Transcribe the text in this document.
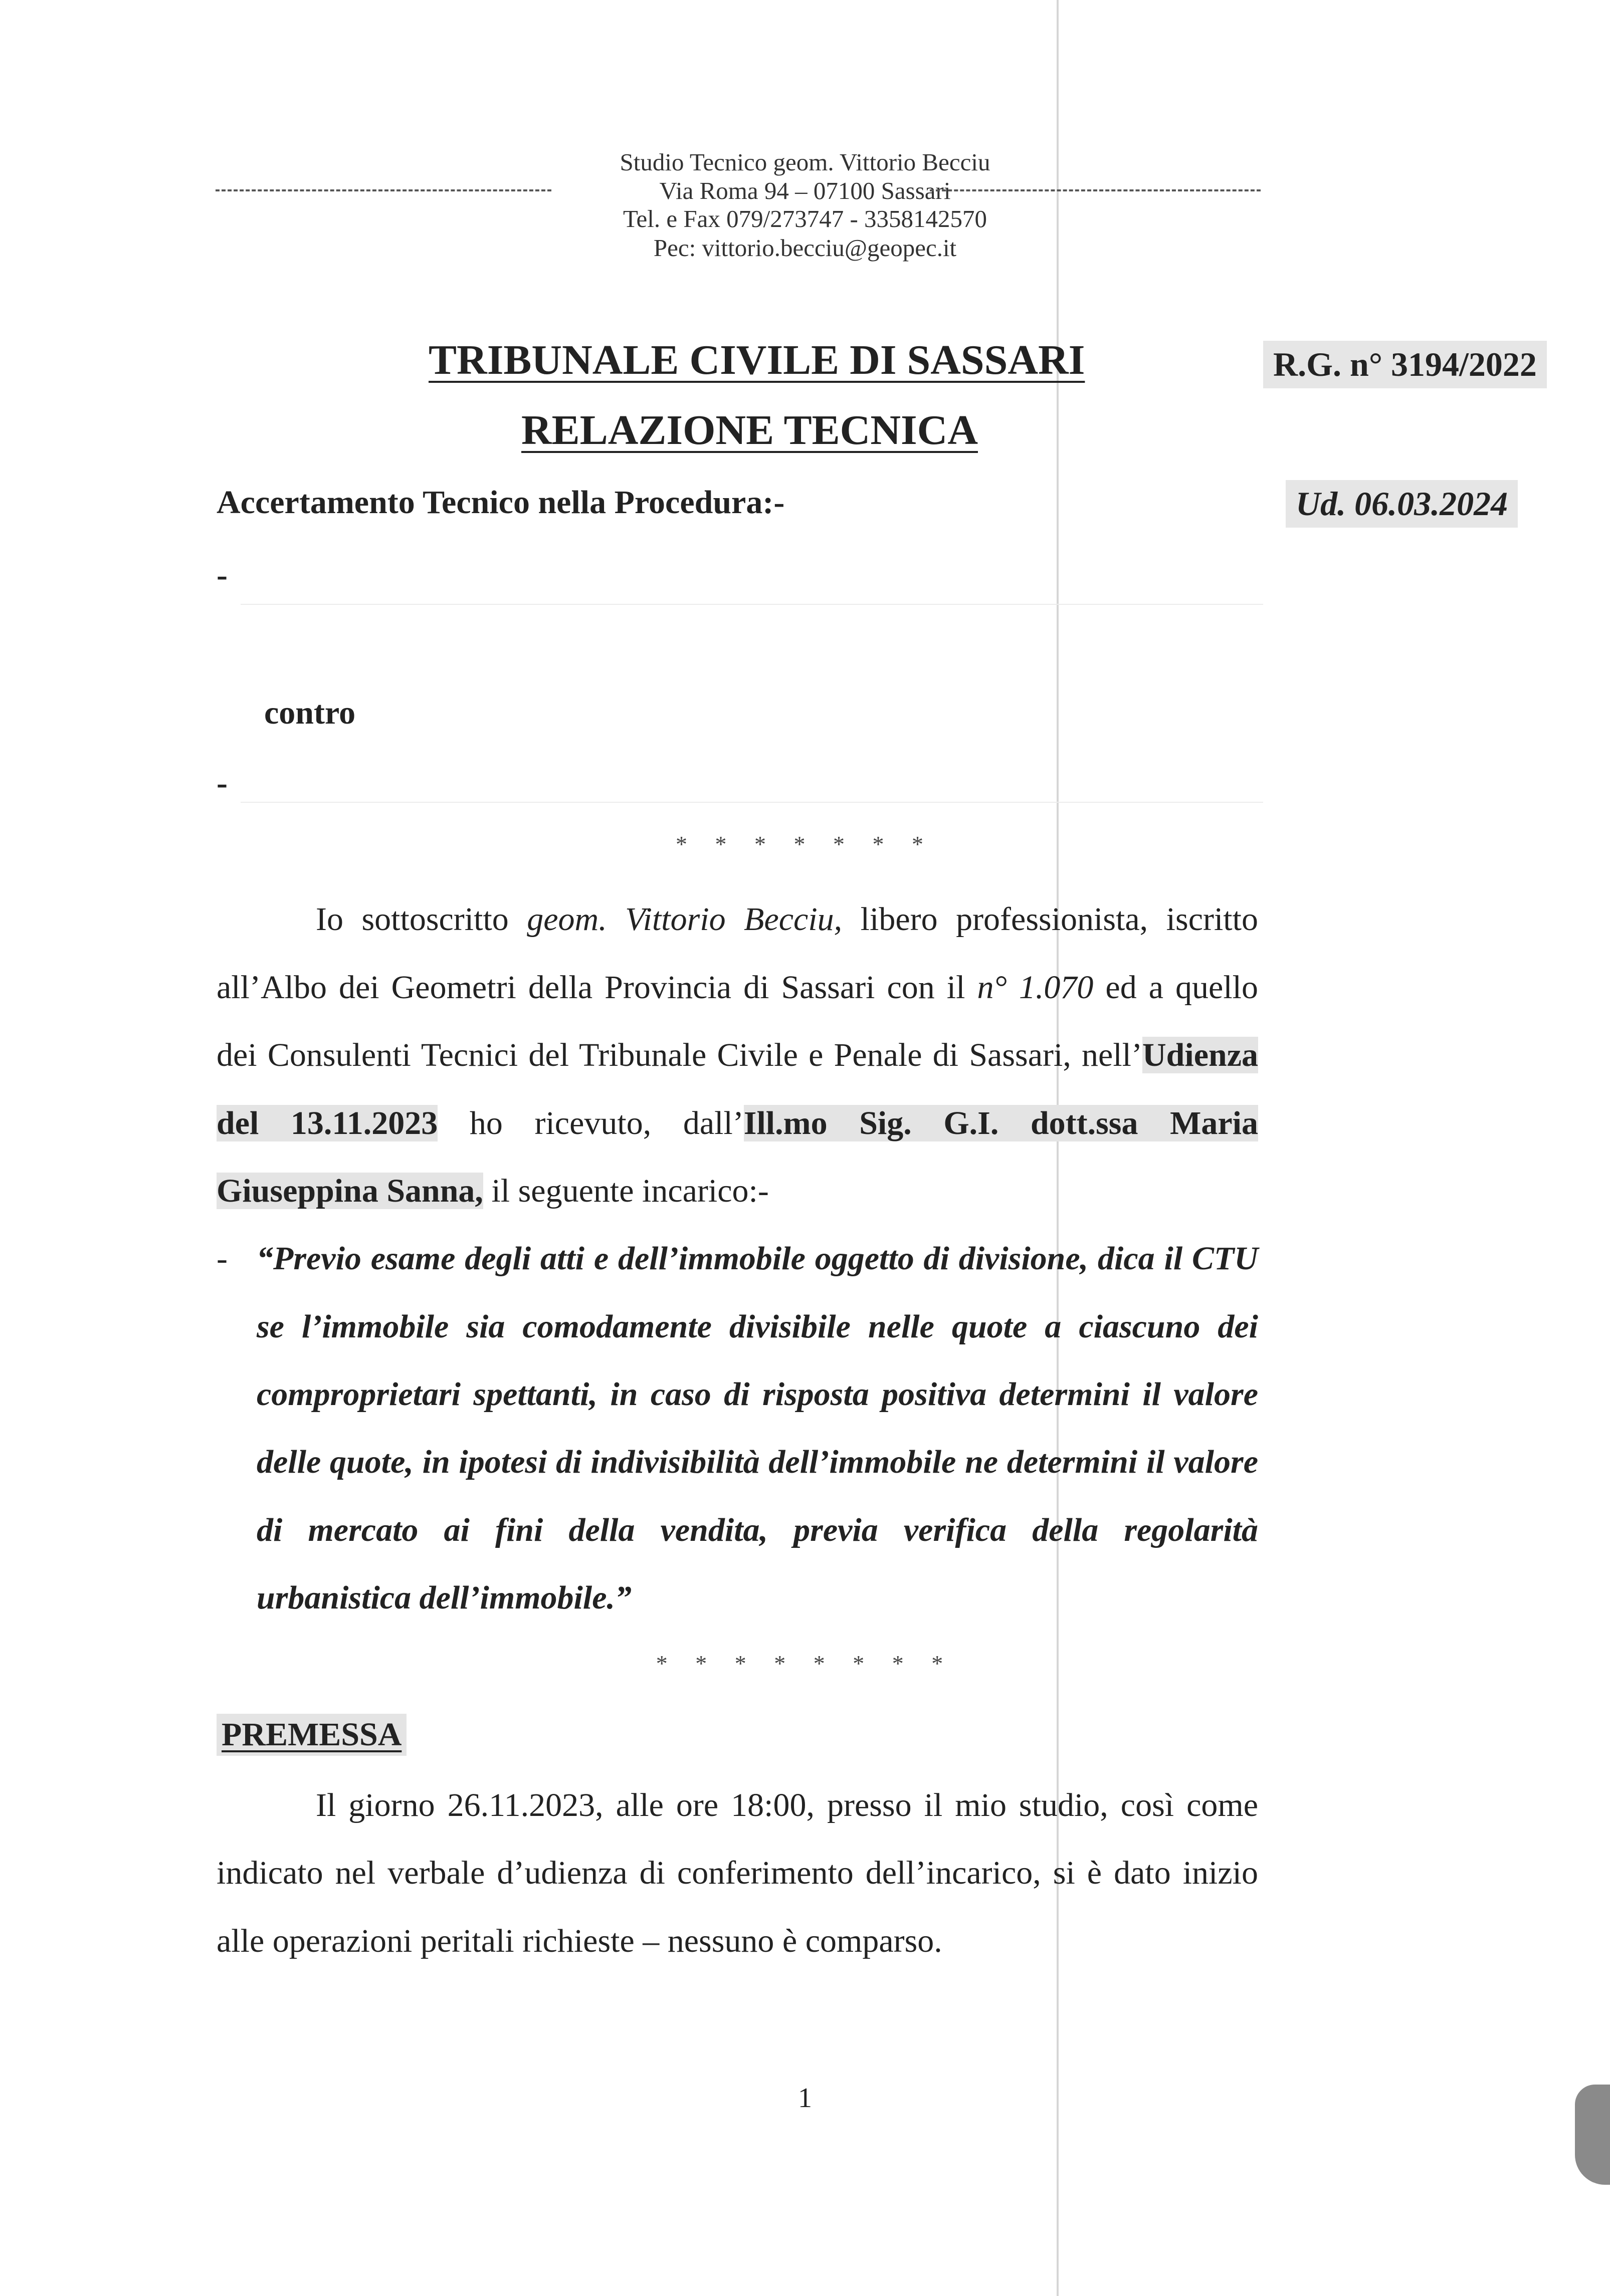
Studio Tecnico geom. Vittorio Becciu
Via Roma 94 – 07100 Sassari
Tel. e Fax 079/273747 - 3358142570
Pec: vittorio.becciu@geopec.it
TRIBUNALE CIVILE DI SASSARI
RELAZIONE TECNICA
R.G. n° 3194/2022
Ud. 06.03.2024
Accertamento Tecnico nella Procedura:-
-
contro
-
* * * * * * *
Io sottoscritto geom. Vittorio Becciu, libero professionista, iscritto
all’Albo dei Geometri della Provincia di Sassari con il n° 1.070 ed a quello
dei Consulenti Tecnici del Tribunale Civile e Penale di Sassari, nell’Udienza
del 13.11.2023 ho ricevuto, dall’Ill.mo Sig. G.I. dott.ssa Maria
Giuseppina Sanna, il seguente incarico:-
- “Previo esame degli atti e dell’immobile oggetto di divisione, dica il CTU
se l’immobile sia comodamente divisibile nelle quote a ciascuno dei
comproprietari spettanti, in caso di risposta positiva determini il valore
delle quote, in ipotesi di indivisibilità dell’immobile ne determini il valore
di mercato ai fini della vendita, previa verifica della regolarità
urbanistica dell’immobile.”
* * * * * * * *
PREMESSA
Il giorno 26.11.2023, alle ore 18:00, presso il mio studio, così come
indicato nel verbale d’udienza di conferimento dell’incarico, si è dato inizio
alle operazioni peritali richieste – nessuno è comparso.
1
